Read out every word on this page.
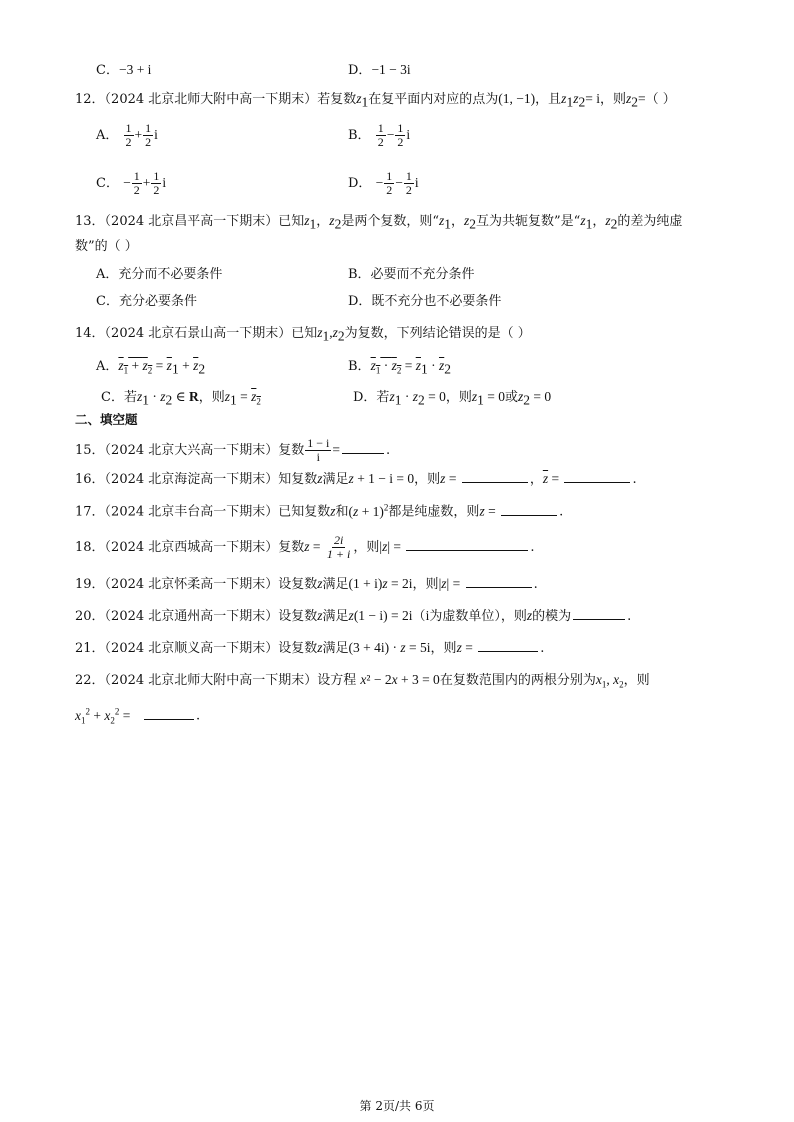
C．−3 + i	D．−1 − 3i
12．（2024 北京北师大附中高一下期末）若复数$z_1$在复平面内对应的点为(1, −1)，且$z_1z_2= i$，则$z_2=$（ ）
A． $\frac{1}{2} + \frac{1}{2}$ i	B． $\frac{1}{2} - \frac{1}{2}$ i
C． − $\frac{1}{2} + \frac{1}{2}$ i	D． − $\frac{1}{2} - \frac{1}{2}$ i
13．（2024 北京昌平高一下期末）已知$z_1$，$z_2$是两个复数，则“$z_1$，$z_2$互为共轭复数”是“$z_1$，$z_2$的差为纯虚
数”的（ ）
A．充分而不必要条件	B．必要而不充分条件
C．充分必要条件	D．既不充分也不必要条件
14．（2024 北京石景山高一下期末）已知$z_1,z_2$为复数，下列结论错误的是（ ）
A．$z_1 + z_2 = \overline{z}_1 + \overline{z}_2$	B．$z_1 \cdot z_2 = \overline{z}_1 \cdot \overline{z}_2$
C．若$z_1 \cdot z_2$ ∈ R，则$z_1 = z_2$	D．若$z_1 \cdot z_2 = 0$，则$z_1 = 0$或$z_2 = 0$
二、填空题
15．（2024 北京大兴高一下期末）复数 $\frac{1 - i}{i}$ =	.
16．（2024 北京海淀高一下期末）知复数z满足z + 1 − i = 0，则z =	，$\overline{z}$ =	.
17．（2024 北京丰台高一下期末）已知复数z和$(z + 1)^2$都是纯虚数，则z =	.
18．（2024 北京西城高一下期末）复数$z = \frac{2i}{1 + i}$ ，则|z| =	.
19．（2024 北京怀柔高一下期末）设复数z满足(1 + i)z = 2i，则|z| =	.
20．（2024 北京通州高一下期末）设复数z满足z(1 − i) = 2i（i为虚数单位），则z的模为	.
21．（2024 北京顺义高一下期末）设复数z满足(3 + 4i) · z = 5i，则z =	.
22．（2024 北京北师大附中高一下期末）设方程 x² − 2x + 3 = 0在复数范围内的两根分别为$x_1$, $x_2$，则
$x_1^2 + x_2^2$ =	.
第 2页/共 6页
